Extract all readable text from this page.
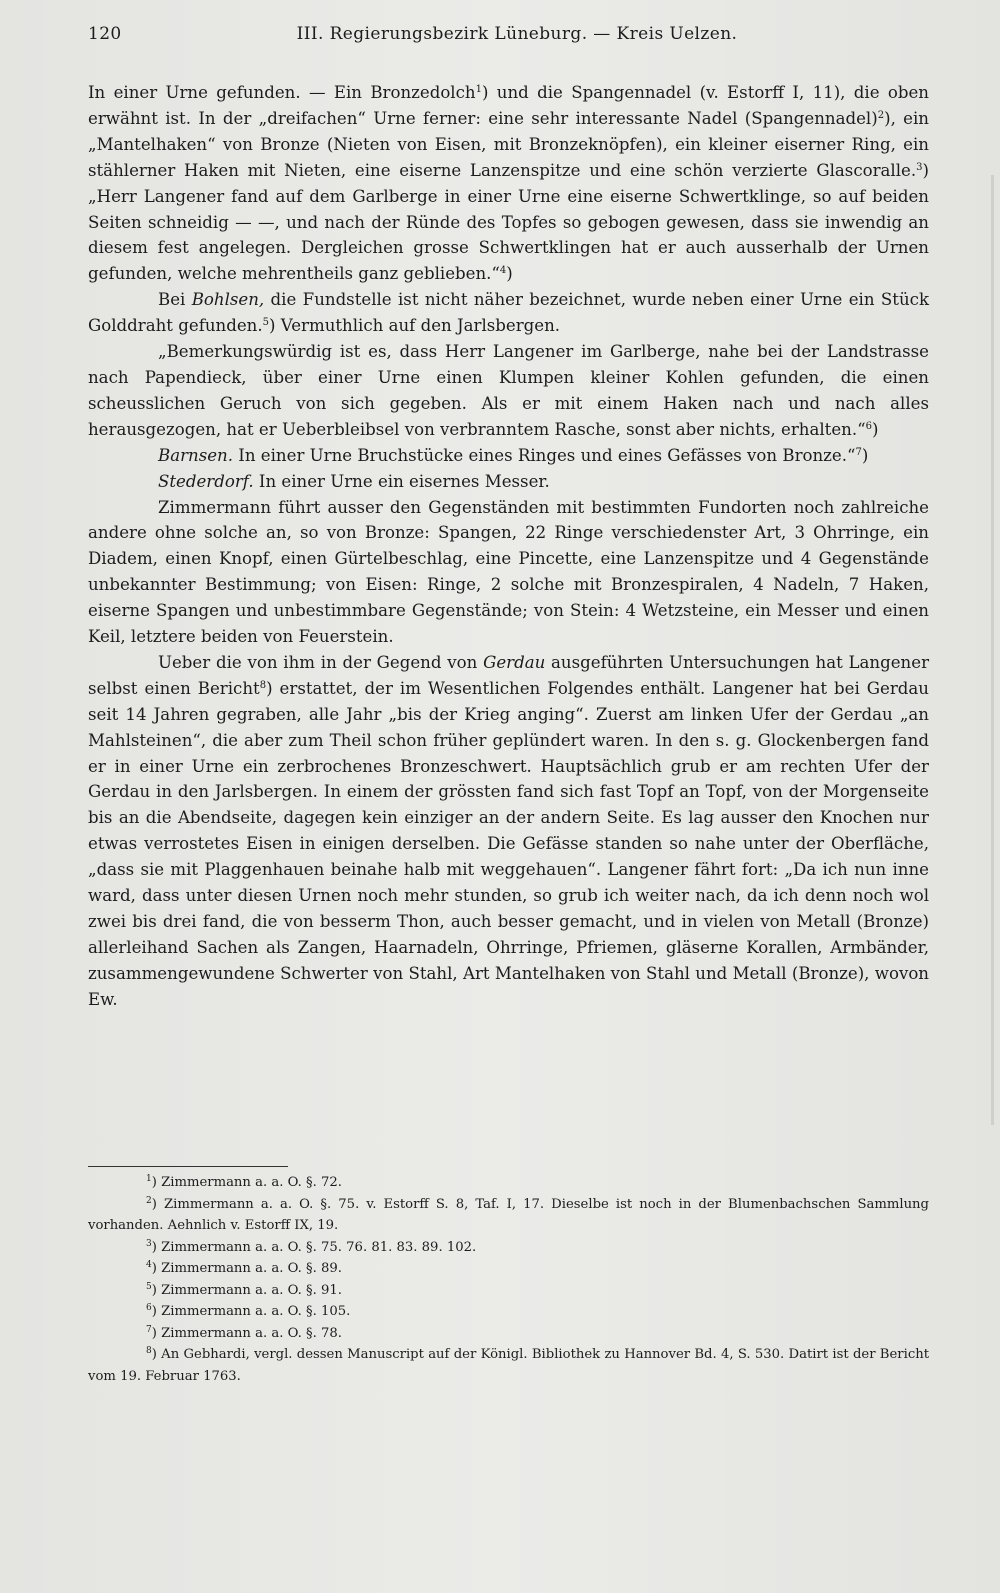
120	III. Regierungsbezirk Lüneburg. — Kreis Uelzen.

In einer Urne gefunden. — Ein Bronzedolch$^1$) und die Spangennadel (v. Estorff I, 11), die oben erwähnt ist. In der „dreifachen“ Urne ferner: eine sehr interessante Nadel (Spangennadel)$^2$), ein „Mantelhaken“ von Bronze (Nieten von Eisen, mit Bronzeknöpfen), ein kleiner eiserner Ring, ein stählerner Haken mit Nieten, eine eiserne Lanzenspitze und eine schön verzierte Glascoralle.$^3$) „Herr Langener fand auf dem Garlberge in einer Urne eine eiserne Schwertklinge, so auf beiden Seiten schneidig — —, und nach der Ründe des Topfes so gebogen gewesen, dass sie inwendig an diesem fest angelegen. Dergleichen grosse Schwertklingen hat er auch ausserhalb der Urnen gefunden, welche mehrentheils ganz geblieben.“$^4$)

Bei Bohlsen, die Fundstelle ist nicht näher bezeichnet, wurde neben einer Urne ein Stück Golddraht gefunden.$^5$) Vermuthlich auf den Jarlsbergen.

„Bemerkungswürdig ist es, dass Herr Langener im Garlberge, nahe bei der Landstrasse nach Papendieck, über einer Urne einen Klumpen kleiner Kohlen gefunden, die einen scheusslichen Geruch von sich gegeben. Als er mit einem Haken nach und nach alles herausgezogen, hat er Ueberbleibsel von verbranntem Rasche, sonst aber nichts, erhalten.“$^6$)

Barnsen. In einer Urne Bruchstücke eines Ringes und eines Gefässes von Bronze.“$^7$)

Stederdorf. In einer Urne ein eisernes Messer.

Zimmermann führt ausser den Gegenständen mit bestimmten Fundorten noch zahlreiche andere ohne solche an, so von Bronze: Spangen, 22 Ringe verschiedenster Art, 3 Ohrringe, ein Diadem, einen Knopf, einen Gürtelbeschlag, eine Pincette, eine Lanzenspitze und 4 Gegenstände unbekannter Bestimmung; von Eisen: Ringe, 2 solche mit Bronzespiralen, 4 Nadeln, 7 Haken, eiserne Spangen und unbestimmbare Gegenstände; von Stein: 4 Wetzsteine, ein Messer und einen Keil, letztere beiden von Feuerstein.

Ueber die von ihm in der Gegend von Gerdau ausgeführten Untersuchungen hat Langener selbst einen Bericht$^8$) erstattet, der im Wesentlichen Folgendes enthält. Langener hat bei Gerdau seit 14 Jahren gegraben, alle Jahr „bis der Krieg anging“. Zuerst am linken Ufer der Gerdau „an Mahlsteinen“, die aber zum Theil schon früher geplündert waren. In den s. g. Glockenbergen fand er in einer Urne ein zerbrochenes Bronzeschwert. Hauptsächlich grub er am rechten Ufer der Gerdau in den Jarlsbergen. In einem der grössten fand sich fast Topf an Topf, von der Morgenseite bis an die Abendseite, dagegen kein einziger an der andern Seite. Es lag ausser den Knochen nur etwas verrostetes Eisen in einigen derselben. Die Gefässe standen so nahe unter der Oberfläche, „dass sie mit Plaggenhauen beinahe halb mit weggehauen“. Langener fährt fort: „Da ich nun inne ward, dass unter diesen Urnen noch mehr stunden, so grub ich weiter nach, da ich denn noch wol zwei bis drei fand, die von besserm Thon, auch besser gemacht, und in vielen von Metall (Bronze) allerleihand Sachen als Zangen, Haarnadeln, Ohrringe, Pfriemen, gläserne Korallen, Armbänder, zusammengewundene Schwerter von Stahl, Art Mantelhaken von Stahl und Metall (Bronze), wovon Ew.

$^1$) Zimmermann a. a. O. §. 72.

$^2$) Zimmermann a. a. O. §. 75. v. Estorff S. 8, Taf. I, 17. Dieselbe ist noch in der Blumenbachschen Sammlung vorhanden. Aehnlich v. Estorff IX, 19.

$^3$) Zimmermann a. a. O. §. 75. 76. 81. 83. 89. 102.

$^4$) Zimmermann a. a. O. §. 89.

$^5$) Zimmermann a. a. O. §. 91.

$^6$) Zimmermann a. a. O. §. 105.

$^7$) Zimmermann a. a. O. §. 78.

$^8$) An Gebhardi, vergl. dessen Manuscript auf der Königl. Bibliothek zu Hannover Bd. 4, S. 530. Datirt ist der Bericht vom 19. Februar 1763.
